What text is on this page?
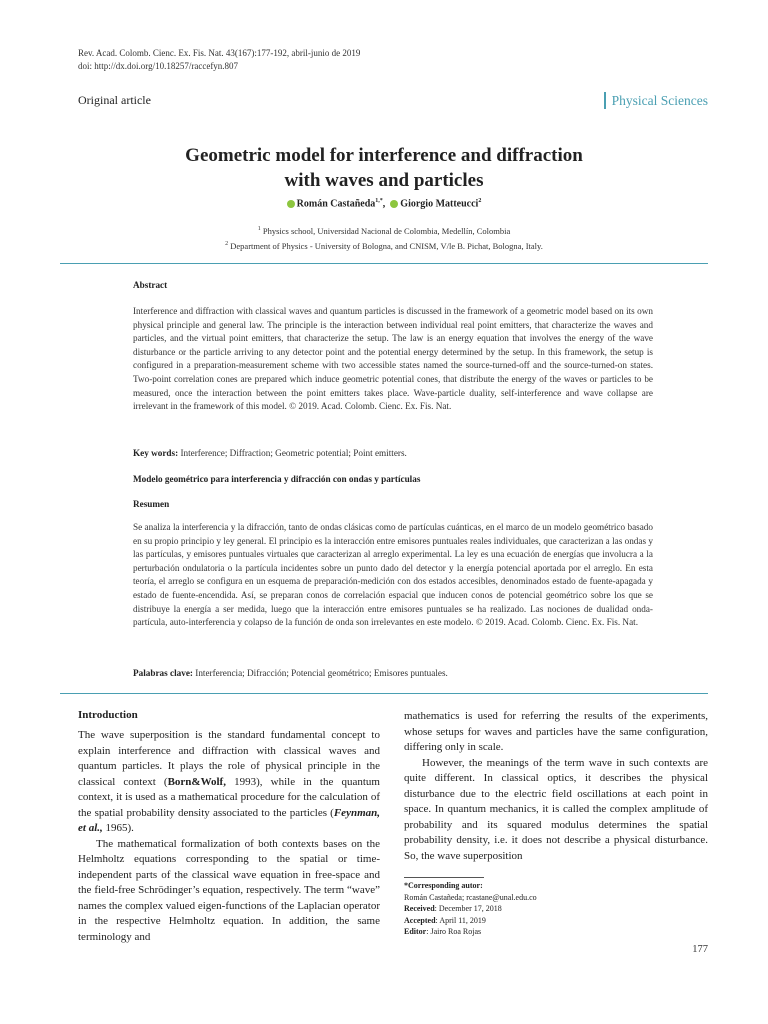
Rev. Acad. Colomb. Cienc. Ex. Fis. Nat. 43(167):177-192, abril-junio de 2019
doi: http://dx.doi.org/10.18257/raccefyn.807
Original article	Physical Sciences
Geometric model for interference and diffraction
with waves and particles
Román Castañeda$^{1,*}$,  Giorgio Matteucci$^2$
$^1$ Physics school, Universidad Nacional de Colombia, Medellín, Colombia
$^2$ Department of Physics - University of Bologna, and CNISM, V/le B. Pichat, Bologna, Italy.
Abstract
Interference and diffraction with classical waves and quantum particles is discussed in the framework of a geometric model based on its own physical principle and general law. The principle is the interaction between individual real point emitters, that characterize the waves and particles, and the virtual point emitters, that characterize the setup. The law is an energy equation that involves the energy of the wave disturbance or the particle arriving to any detector point and the potential energy determined by the setup. In this framework, the setup is configured in a preparation-measurement scheme with two accessible states named the source-turned-off and the source-turned-on states. Two-point correlation cones are prepared which induce geometric potential cones, that distribute the energy of the waves or particles to be measured, once the interaction between the point emitters takes place. Wave-particle duality, self-interference and wave collapse are irrelevant in the framework of this model. © 2019. Acad. Colomb. Cienc. Ex. Fis. Nat.
Key words: Interference; Diffraction; Geometric potential; Point emitters.
Modelo geométrico para interferencia y difracción con ondas y partículas
Resumen
Se analiza la interferencia y la difracción, tanto de ondas clásicas como de partículas cuánticas, en el marco de un modelo geométrico basado en su propio principio y ley general. El principio es la interacción entre emisores puntuales reales individuales, que caracterizan a las ondas y las partículas, y emisores puntuales virtuales que caracterizan al arreglo experimental. La ley es una ecuación de energías que involucra a la perturbación ondulatoria o la partícula incidentes sobre un punto dado del detector y la energía potencial aportada por el arreglo. En esta teoría, el arreglo se configura en un esquema de preparación-medición con dos estados accesibles, denominados estado de fuente-apagada y estado de fuente-encendida. Así, se preparan conos de correlación espacial que inducen conos de potencial geométrico sobre los que se distribuye la energía a ser medida, luego que la interacción entre emisores puntuales se ha realizado. Las nociones de dualidad onda-partícula, auto-interferencia y colapso de la función de onda son irrelevantes en este modelo. © 2019. Acad. Colomb. Cienc. Ex. Fis. Nat.
Palabras clave: Interferencia; Difracción; Potencial geométrico; Emisores puntuales.
Introduction

The wave superposition is the standard fundamental concept to explain interference and diffraction with classical waves and quantum particles. It plays the role of physical principle in the classical context (Born&Wolf, 1993), while in the quantum context, it is used as a mathematical procedure for the calculation of the spatial probability density associated to the particles (Feynman, et al., 1965).

The mathematical formalization of both contexts bases on the Helmholtz equations corresponding to the spatial or time-independent parts of the classical wave equation in free-space and the field-free Schrödinger’s equation, respectively. The term “wave” names the complex valued eigen-functions of the Laplacian operator in the respective Helmholtz equation. In addition, the same terminology and

mathematics is used for referring the results of the experiments, whose setups for waves and particles have the same configuration, differing only in scale.

However, the meanings of the term wave in such contexts are quite different. In classical optics, it describes the physical disturbance due to the electric field oscillations at each point in space. In quantum mechanics, it is called the complex amplitude of probability and its squared modulus determines the spatial probability density, i.e. it does not describe a physical disturbance. So, the wave superposition

*Corresponding autor:
Román Castañeda; rcastane@unal.edu.co
Received: December 17, 2018
Accepted: April 11, 2019
Editor: Jairo Roa Rojas
177
